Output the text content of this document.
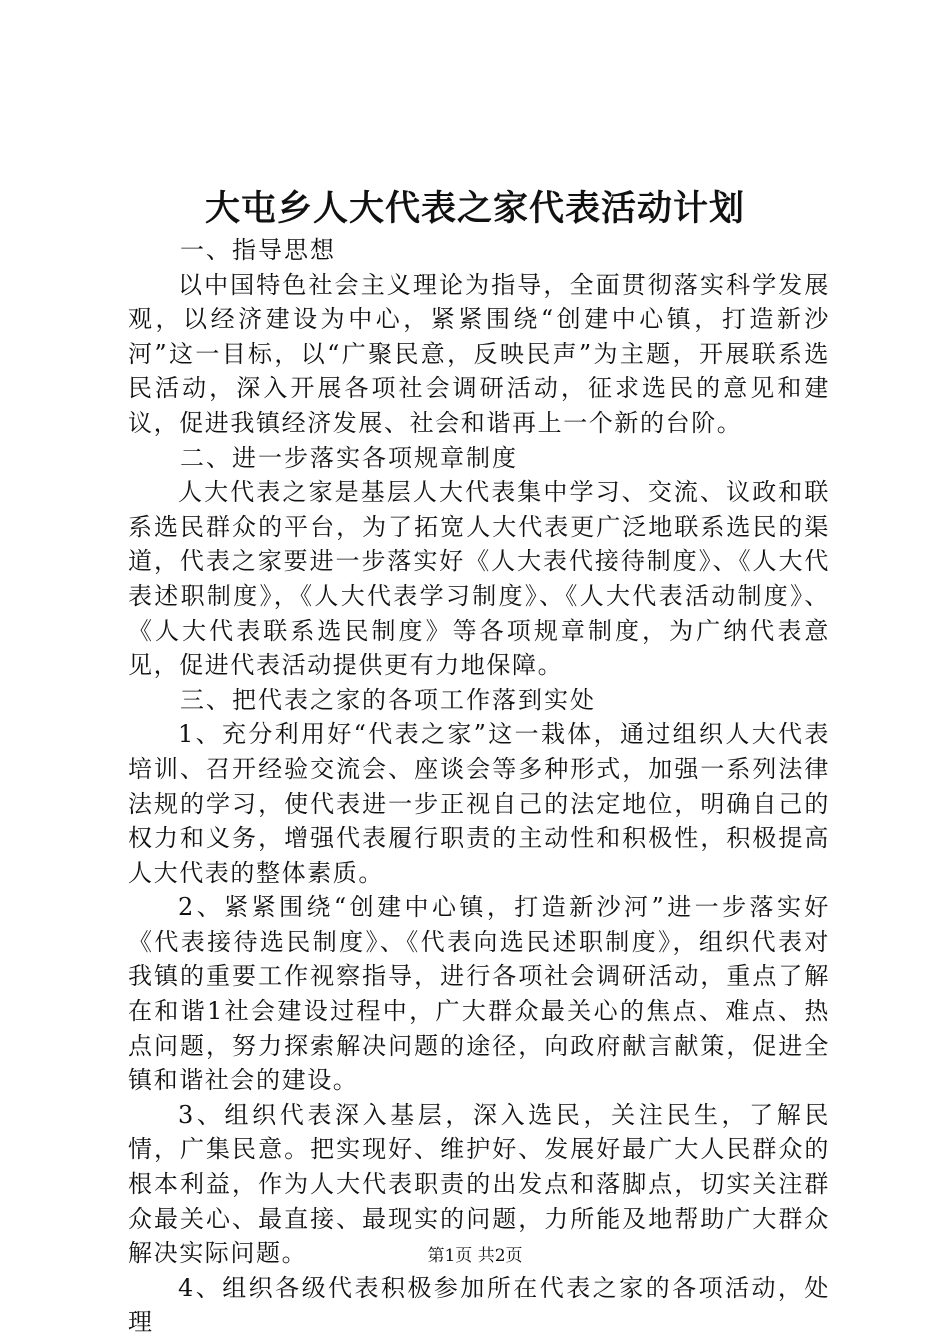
大屯乡人大代表之家代表活动计划

一、指导思想

以中国特色社会主义理论为指导，全面贯彻落实科学发展观，以经济建设为中心，紧紧围绕“创建中心镇，打造新沙河”这一目标，以“广聚民意，反映民声”为主题，开展联系选民活动，深入开展各项社会调研活动，征求选民的意见和建议，促进我镇经济发展、社会和谐再上一个新的台阶。

二、进一步落实各项规章制度

人大代表之家是基层人大代表集中学习、交流、议政和联系选民群众的平台，为了拓宽人大代表更广泛地联系选民的渠道，代表之家要进一步落实好《人大表代接待制度》、《人大代表述职制度》，《人大代表学习制度》、《人大代表活动制度》、《人大代表联系选民制度》等各项规章制度，为广纳代表意见，促进代表活动提供更有力地保障。

三、把代表之家的各项工作落到实处

1、充分利用好“代表之家”这一栽体，通过组织人大代表培训、召开经验交流会、座谈会等多种形式，加强一系列法律法规的学习，使代表进一步正视自己的法定地位，明确自己的权力和义务，增强代表履行职责的主动性和积极性，积极提高人大代表的整体素质。

2、紧紧围绕“创建中心镇，打造新沙河”进一步落实好《代表接待选民制度》、《代表向选民述职制度》，组织代表对我镇的重要工作视察指导，进行各项社会调研活动，重点了解在和谐1社会建设过程中，广大群众最关心的焦点、难点、热点问题，努力探索解决问题的途径，向政府献言献策，促进全镇和谐社会的建设。

3、组织代表深入基层，深入选民，关注民生，了解民情，广集民意。把实现好、维护好、发展好最广大人民群众的根本利益，作为人大代表职责的出发点和落脚点，切实关注群众最关心、最直接、最现实的问题，力所能及地帮助广大群众解决实际问题。

4、组织各级代表积极参加所在代表之家的各项活动，处理

第1页 共2页
